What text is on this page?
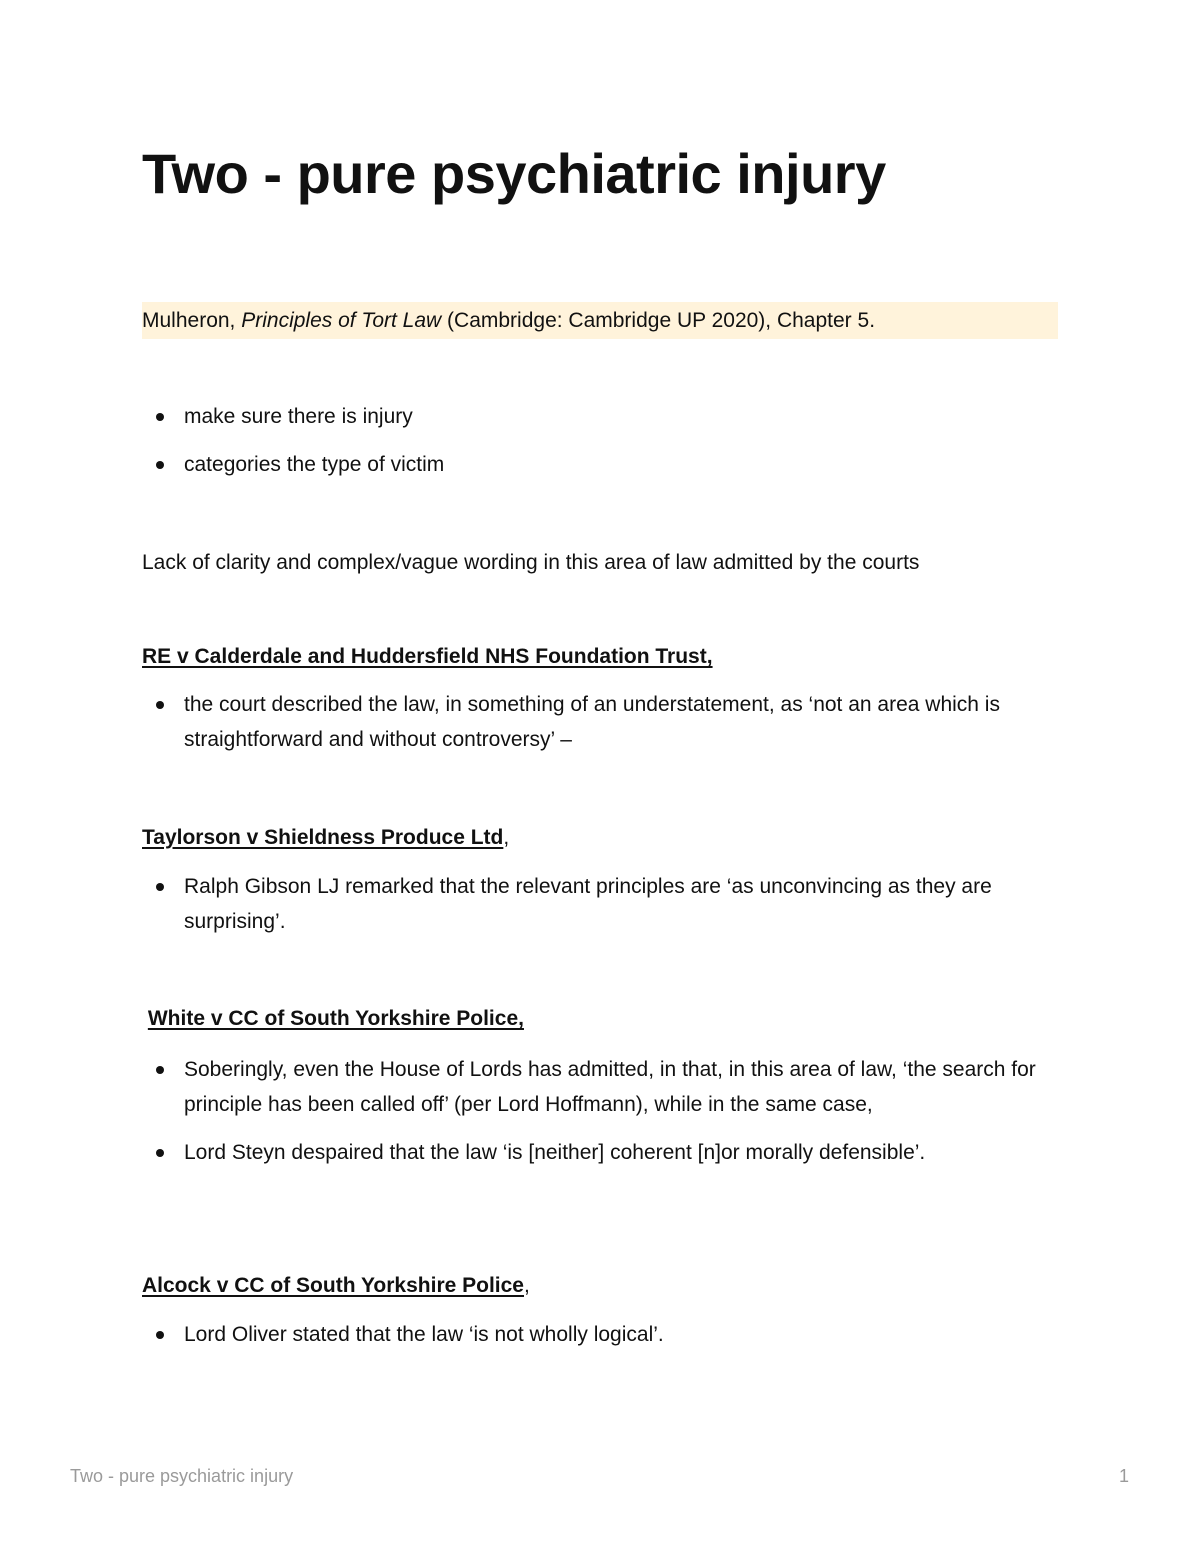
Two - pure psychiatric injury
Mulheron, Principles of Tort Law (Cambridge: Cambridge UP 2020), Chapter 5.
make sure there is injury
categories the type of victim

Lack of clarity and complex/vague wording in this area of law admitted by the courts

RE v Calderdale and Huddersfield NHS Foundation Trust,
the court described the law, in something of an understatement, as ‘not an area which is straightforward and without controversy’ –
Taylorson v Shieldness Produce Ltd,
Ralph Gibson LJ remarked that the relevant principles are ‘as unconvincing as they are surprising’.
White v CC of South Yorkshire Police,
Soberingly, even the House of Lords has admitted, in that, in this area of law, ‘the search for principle has been called off’ (per Lord Hoffmann), while in the same case,
Lord Steyn despaired that the law ‘is [neither] coherent [n]or morally defensible’.
Alcock v CC of South Yorkshire Police,
Lord Oliver stated that the law ‘is not wholly logical’.
Two - pure psychiatric injury	1
